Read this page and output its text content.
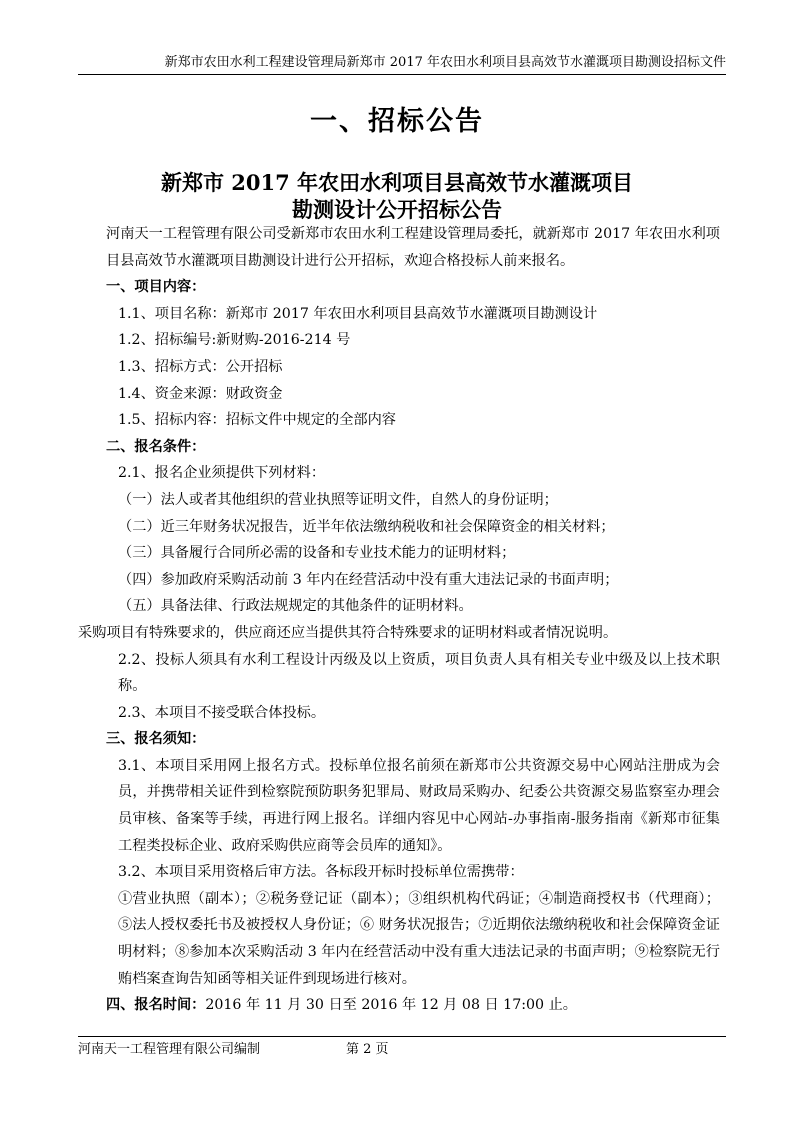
新郑市农田水利工程建设管理局新郑市 2017 年农田水利项目县高效节水灌溉项目勘测设招标文件
一、招标公告
新郑市 2017 年农田水利项目县高效节水灌溉项目
勘测设计公开招标公告

河南天一工程管理有限公司受新郑市农田水利工程建设管理局委托，就新郑市 2017 年农田水利项目县高效节水灌溉项目勘测设计进行公开招标，欢迎合格投标人前来报名。

一、项目内容：

1.1、项目名称：新郑市 2017 年农田水利项目县高效节水灌溉项目勘测设计

1.2、招标编号:新财购-2016-214 号

1.3、招标方式：公开招标

1.4、资金来源：财政资金

1.5、招标内容：招标文件中规定的全部内容

二、报名条件：

2.1、报名企业须提供下列材料：

（一）法人或者其他组织的营业执照等证明文件，自然人的身份证明；

（二）近三年财务状况报告，近半年依法缴纳税收和社会保障资金的相关材料；

（三）具备履行合同所必需的设备和专业技术能力的证明材料；

（四）参加政府采购活动前 3 年内在经营活动中没有重大违法记录的书面声明；

（五）具备法律、行政法规规定的其他条件的证明材料。

采购项目有特殊要求的，供应商还应当提供其符合特殊要求的证明材料或者情况说明。

2.2、投标人须具有水利工程设计丙级及以上资质，项目负责人具有相关专业中级及以上技术职称。

2.3、本项目不接受联合体投标。

三、报名须知：

3.1、本项目采用网上报名方式。投标单位报名前须在新郑市公共资源交易中心网站注册成为会员，并携带相关证件到检察院预防职务犯罪局、财政局采购办、纪委公共资源交易监察室办理会员审核、备案等手续，再进行网上报名。详细内容见中心网站-办事指南-服务指南《新郑市征集工程类投标企业、政府采购供应商等会员库的通知》。

3.2、本项目采用资格后审方法。各标段开标时投标单位需携带：

①营业执照（副本）；②税务登记证（副本）；③组织机构代码证；④制造商授权书（代理商）；⑤法人授权委托书及被授权人身份证；⑥ 财务状况报告；⑦近期依法缴纳税收和社会保障资金证明材料；⑧参加本次采购活动 3 年内在经营活动中没有重大违法记录的书面声明；⑨检察院无行贿档案查询告知函等相关证件到现场进行核对。

四、报名时间：2016 年 11 月 30 日至 2016 年 12 月 08 日 17:00 止。

河南天一工程管理有限公司编制	第 2 页
